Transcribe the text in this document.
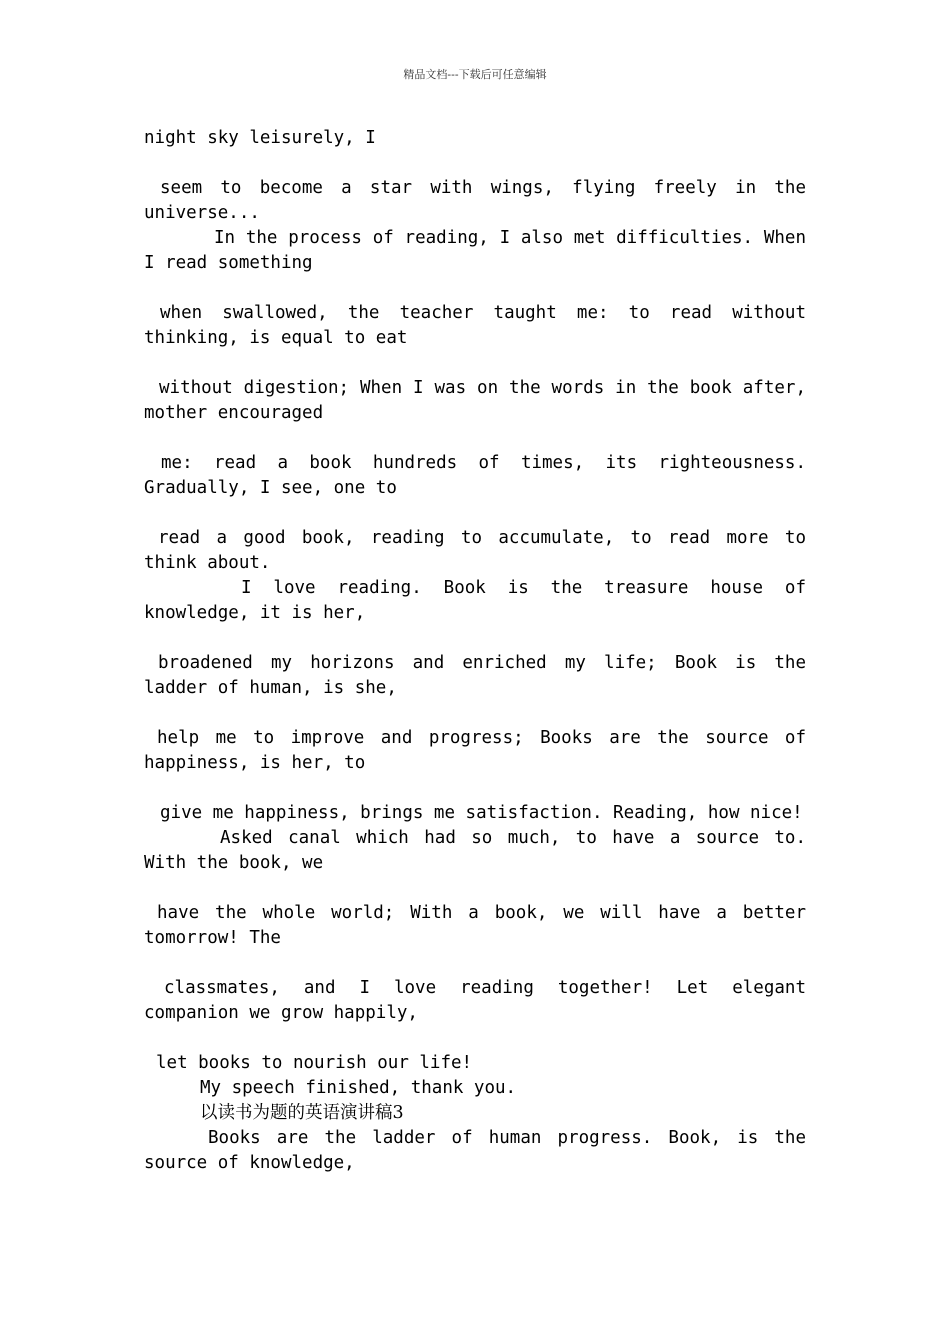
精品文档---下载后可任意编辑

night sky leisurely, I

seem to become a star with wings, flying freely in the universe...

In the process of reading, I also met difficulties. When I read something

when swallowed, the teacher taught me: to read without thinking, is equal to eat

without digestion; When I was on the words in the book after, mother encouraged

me: read a book hundreds of times, its righteousness. Gradually, I see, one to

read a good book, reading to accumulate, to read more to think about.

I love reading. Book is the treasure house of knowledge, it is her,

broadened my horizons and enriched my life; Book is the ladder of human, is she,

help me to improve and progress; Books are the source of happiness, is her, to

give me happiness, brings me satisfaction. Reading, how nice!

Asked canal which had so much, to have a source to. With the book, we

have the whole world; With a book, we will have a better tomorrow! The

classmates, and I love reading together! Let elegant companion we grow happily,

let books to nourish our life!

My speech finished, thank you.

以读书为题的英语演讲稿3

Books are the ladder of human progress. Book, is the source of knowledge,
